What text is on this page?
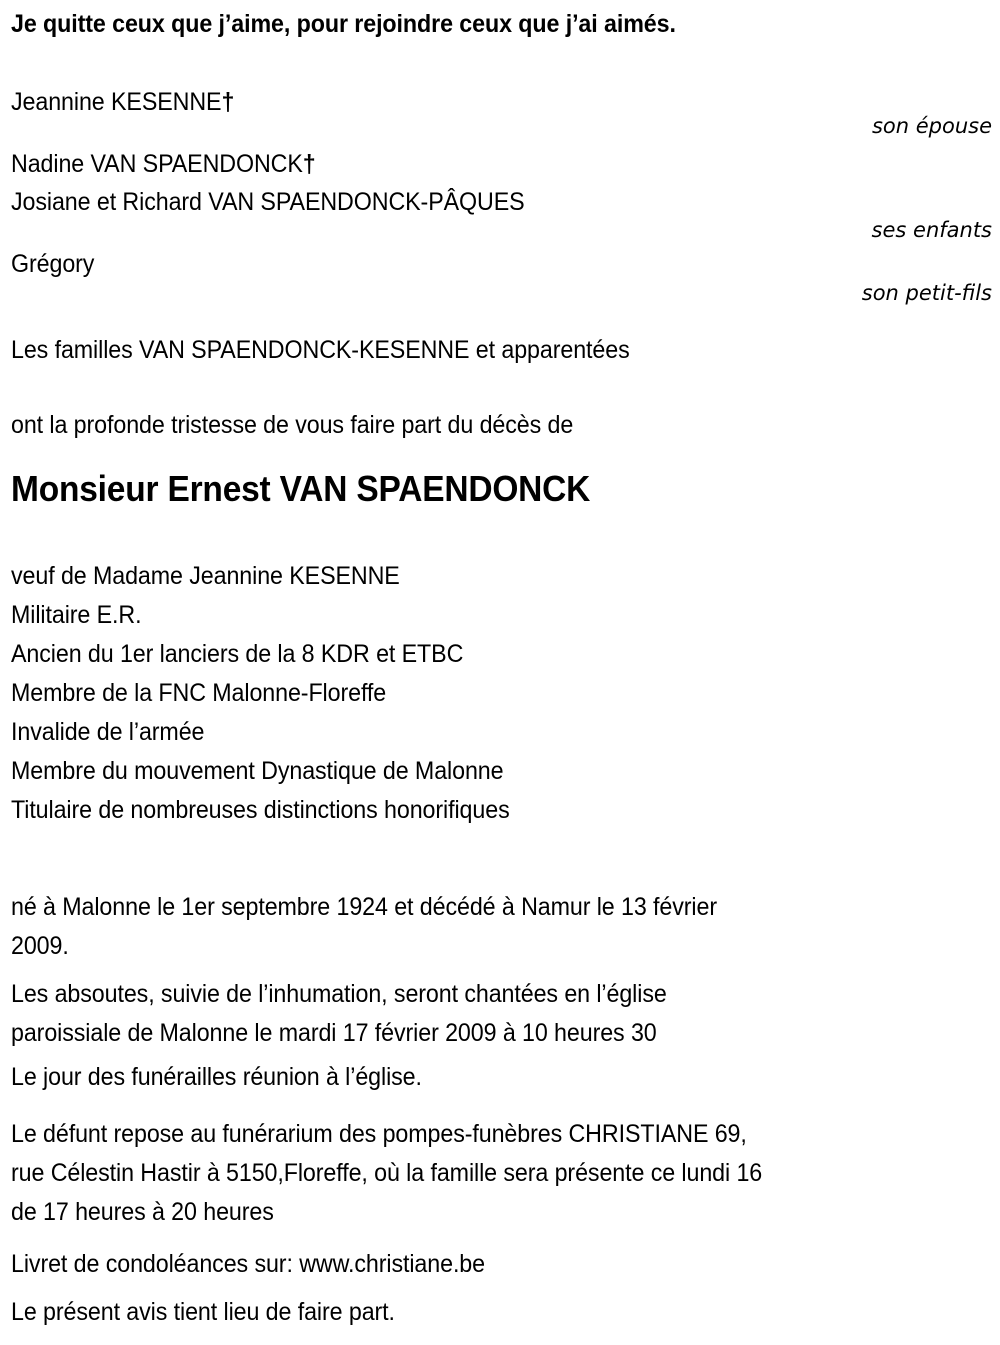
Je quitte ceux que j’aime, pour rejoindre ceux que j’ai aimés.
Jeannine KESENNE†
son épouse
Nadine VAN SPAENDONCK†
Josiane et Richard VAN SPAENDONCK-PÂQUES
ses enfants
Grégory
son petit-fils
Les familles VAN SPAENDONCK-KESENNE et apparentées
ont la profonde tristesse de vous faire part du décès de
Monsieur Ernest VAN SPAENDONCK
veuf de Madame Jeannine KESENNE
Militaire E.R.
Ancien du 1er lanciers de la 8 KDR et ETBC
Membre de la FNC Malonne-Floreffe
Invalide de l’armée
Membre du mouvement Dynastique de Malonne
Titulaire de nombreuses distinctions honorifiques
né à Malonne le 1er septembre 1924 et décédé à Namur le 13 février
2009.
Les absoutes, suivie de l’inhumation, seront chantées en l’église
paroissiale de Malonne le mardi 17 février 2009 à 10 heures 30
Le jour des funérailles réunion à l’église.
Le défunt repose au funérarium des pompes-funèbres CHRISTIANE 69,
rue Célestin Hastir à 5150,Floreffe, où la famille sera présente ce lundi 16
de 17 heures à 20 heures
Livret de condoléances sur: www.christiane.be
Le présent avis tient lieu de faire part.
